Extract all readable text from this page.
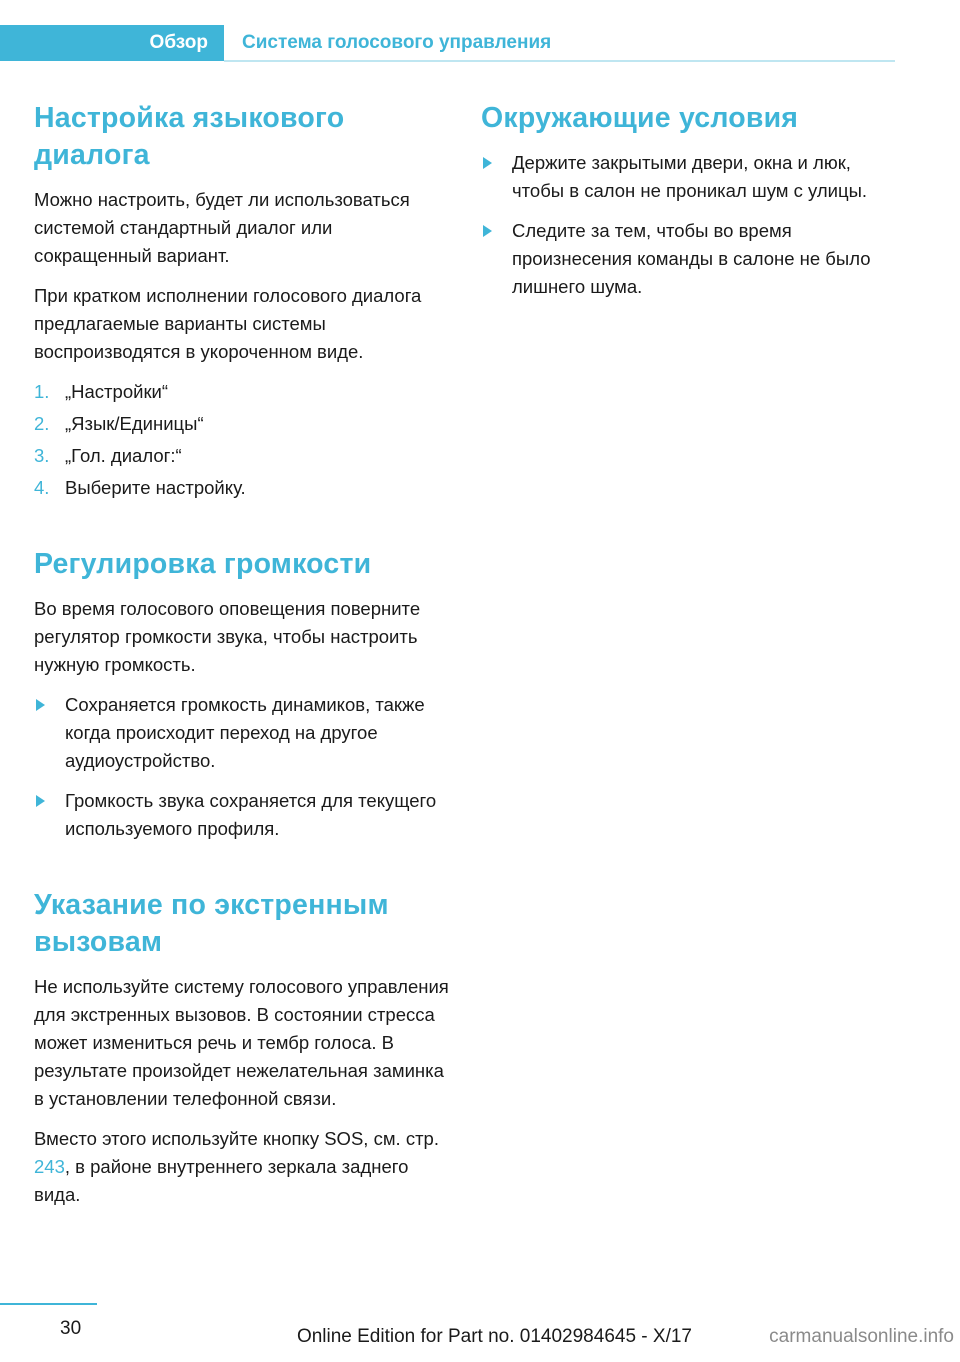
Обзор Система голосового управления
Настройка языкового
диалога

Можно настроить, будет ли использоваться системой стандартный диалог или сокращенный вариант.

При кратком исполнении голосового диалога предлагаемые варианты системы воспроизводятся в укороченном виде.

1. „Настройки“
2. „Язык/Единицы“
3. „Гол. диалог:“
4. Выберите настройку.
Регулировка громкости

Во время голосового оповещения поверните регулятор громкости звука, чтобы настроить нужную громкость.

Сохраняется громкость динамиков, также когда происходит переход на другое аудиоустройство.
Громкость звука сохраняется для текущего используемого профиля.
Указание по экстренным
вызовам

Не используйте систему голосового управления для экстренных вызовов. В состоянии стресса может измениться речь и тембр голоса. В результате произойдет нежелательная заминка в установлении телефонной связи.

Вместо этого используйте кнопку SOS, см. стр. 243, в районе внутреннего зеркала заднего вида.

Окружающие условия
Держите закрытыми двери, окна и люк, чтобы в салон не проникал шум с улицы.
Следите за тем, чтобы во время произнесения команды в салоне не было лишнего шума.
30	Online Edition for Part no. 01402984645 - X/17	carmanualsonline.info
